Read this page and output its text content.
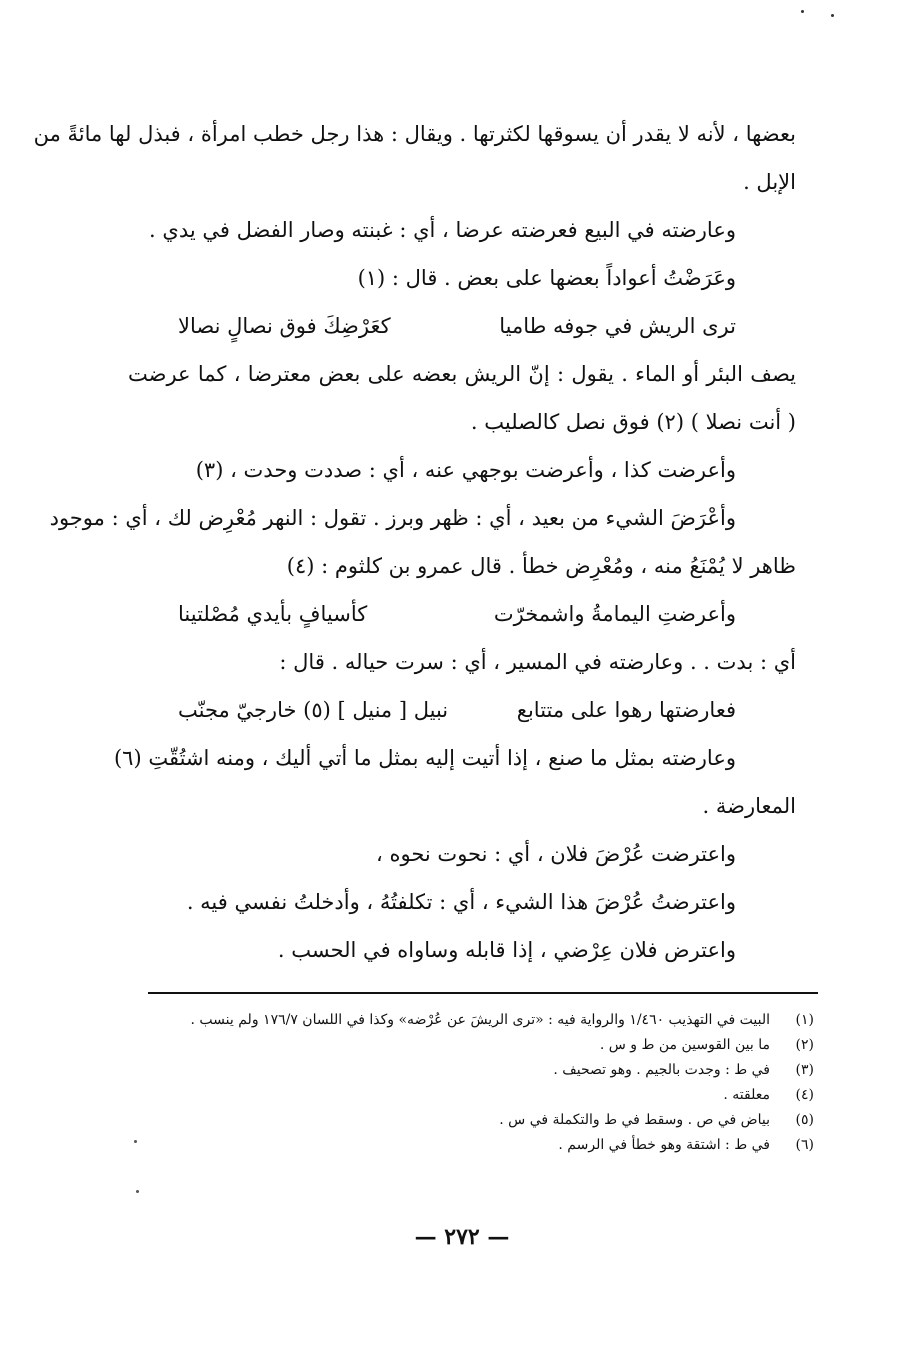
بعضها ، لأنه لا يقدر أن يسوقها لكثرتها . ويقال : هذا رجل خطب امرأة ، فبذل لها مائةً من
الإبل .
وعارضته في البيع فعرضته عرضا ، أي : غبنته وصار الفضل في يدي .
وعَرَضْتُ أعواداً بعضها على بعض . قال : (١)
ترى الريش في جوفه طاميا
كعَرْضِكَ فوق نصالٍ نصالا
يصف البئر أو الماء . يقول : إنّ الريش بعضه على بعض معترضا ، كما عرضت
( أنت نصلا ) (٢) فوق نصل كالصليب .
وأعرضت كذا ، وأعرضت بوجهي عنه ، أي : صددت وحدت ، (٣)
وأعْرَضَ الشيء من بعيد ، أي : ظهر وبرز . تقول : النهر مُعْرِض لك ، أي : موجود
ظاهر لا يُمْنَعُ منه ، ومُعْرِض خطأ . قال عمرو بن كلثوم : (٤)
وأعرضتِ اليمامةُ واشمخرّت
كأسيافٍ بأيدي مُصْلتينا
أي : بدت . . وعارضته في المسير ، أي : سرت حياله . قال :
فعارضتها رهوا على متتابع
نبيل [ منيل ] (٥) خارجيّ مجنّب
وعارضته بمثل ما صنع ، إذا أتيت إليه بمثل ما أتي أليك ، ومنه اشتُقّتِ (٦)
المعارضة .
واعترضت عُرْضَ فلان ، أي : نحوت نحوه ،
واعترضتُ عُرْضَ هذا الشيء ، أي : تكلفتُهُ ، وأدخلتُ نفسي فيه .
واعترض فلان عِرْضي ، إذا قابله وساواه في الحسب .
(١)
البيت في التهذيب ١/٤٦٠ والرواية فيه : «ترى الريشَ عن عُرْضه» وكذا في اللسان ١٧٦/٧ ولم ينسب .
(٢)
ما بين القوسين من ط و س .
(٣)
في ط : وجدت بالجيم . وهو تصحيف .
(٤)
معلقته .
(٥)
بياض في ص . وسقط في ط والتكملة في س .
(٦)
في ط : اشتقة وهو خطأ في الرسم .
— ٢٧٢ —
